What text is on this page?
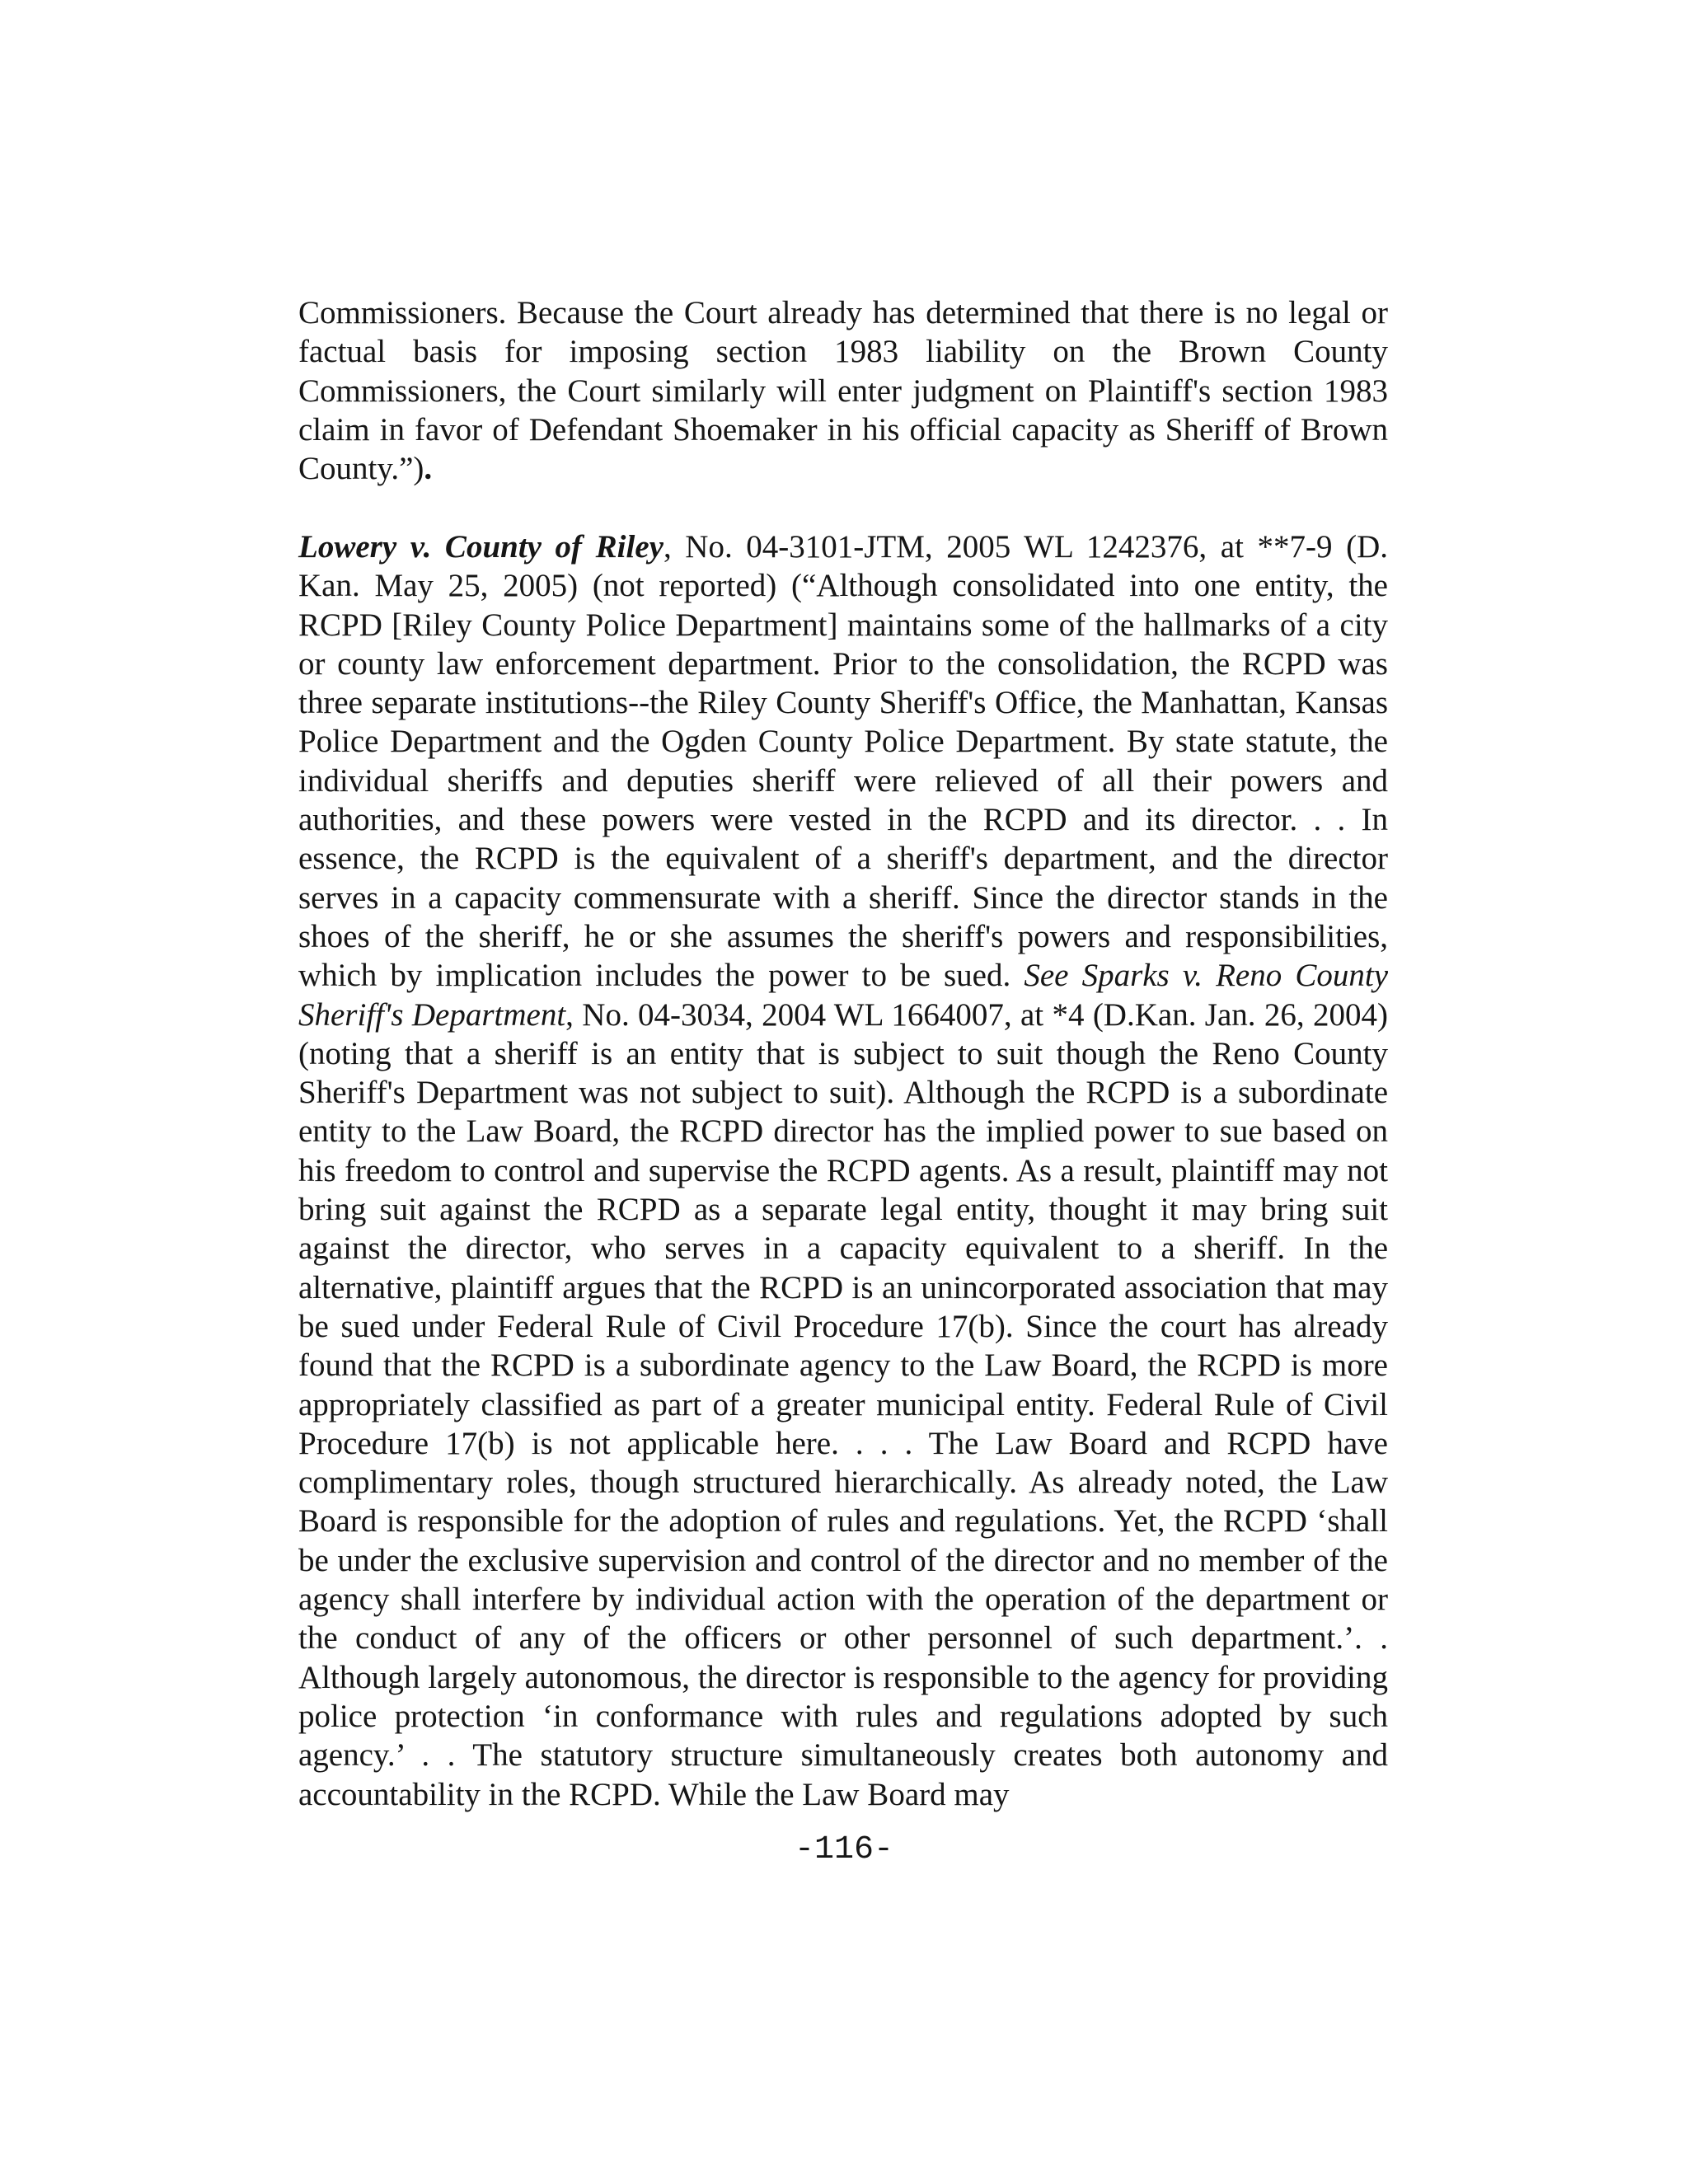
Commissioners. Because the Court already has determined that there is no legal or factual basis for imposing section 1983 liability on the Brown County Commissioners, the Court similarly will enter judgment on Plaintiff's section 1983 claim in favor of Defendant Shoemaker in his official capacity as Sheriff of Brown County.”).

Lowery v. County of Riley, No. 04-3101-JTM, 2005 WL 1242376, at **7-9 (D. Kan. May 25, 2005) (not reported) (“Although consolidated into one entity, the RCPD [Riley County Police Department] maintains some of the hallmarks of a city or county law enforcement department. Prior to the consolidation, the RCPD was three separate institutions--the Riley County Sheriff's Office, the Manhattan, Kansas Police Department and the Ogden County Police Department. By state statute, the individual sheriffs and deputies sheriff were relieved of all their powers and authorities, and these powers were vested in the RCPD and its director. . . In essence, the RCPD is the equivalent of a sheriff's department, and the director serves in a capacity commensurate with a sheriff. Since the director stands in the shoes of the sheriff, he or she assumes the sheriff's powers and responsibilities, which by implication includes the power to be sued. See Sparks v. Reno County Sheriff's Department, No. 04-3034, 2004 WL 1664007, at *4 (D.Kan. Jan. 26, 2004) (noting that a sheriff is an entity that is subject to suit though the Reno County Sheriff's Department was not subject to suit). Although the RCPD is a subordinate entity to the Law Board, the RCPD director has the implied power to sue based on his freedom to control and supervise the RCPD agents. As a result, plaintiff may not bring suit against the RCPD as a separate legal entity, thought it may bring suit against the director, who serves in a capacity equivalent to a sheriff. In the alternative, plaintiff argues that the RCPD is an unincorporated association that may be sued under Federal Rule of Civil Procedure 17(b). Since the court has already found that the RCPD is a subordinate agency to the Law Board, the RCPD is more appropriately classified as part of a greater municipal entity. Federal Rule of Civil Procedure 17(b) is not applicable here. . . . The Law Board and RCPD have complimentary roles, though structured hierarchically. As already noted, the Law Board is responsible for the adoption of rules and regulations. Yet, the RCPD ‘shall be under the exclusive supervision and control of the director and no member of the agency shall interfere by individual action with the operation of the department or the conduct of any of the officers or other personnel of such department.’. . Although largely autonomous, the director is responsible to the agency for providing police protection ‘in conformance with rules and regulations adopted by such agency.’ . . The statutory structure simultaneously creates both autonomy and accountability in the RCPD. While the Law Board may

-116-
